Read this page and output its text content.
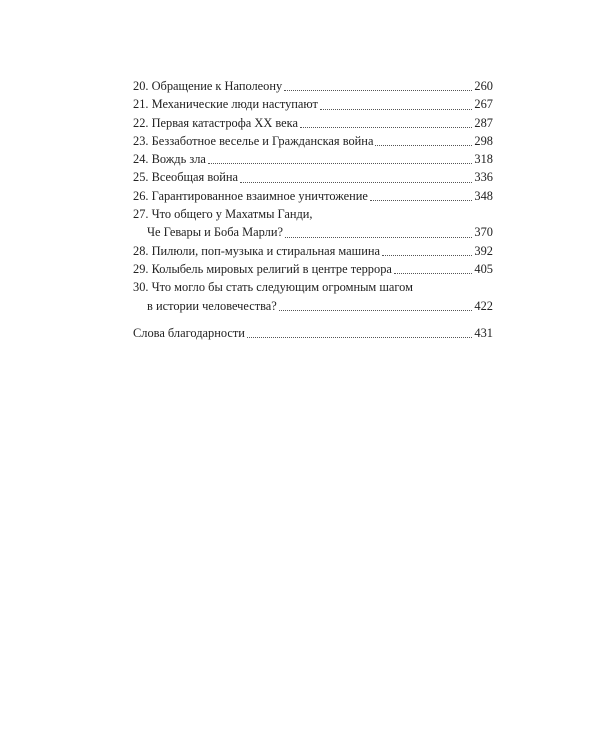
20. Обращение к Наполеону	260
21. Механические люди наступают	267
22. Первая катастрофа XX века	287
23. Беззаботное веселье и Гражданская война	298
24. Вождь зла	318
25. Всеобщая война	336
26. Гарантированное взаимное уничтожение	348
27. Что общего у Махатмы Ганди,
Че Гевары и Боба Марли?	370
28. Пилюли, поп-музыка и стиральная машина	392
29. Колыбель мировых религий в центре террора	405
30. Что могло бы стать следующим огромным шагом
в истории человечества?	422
Слова благодарности	431
